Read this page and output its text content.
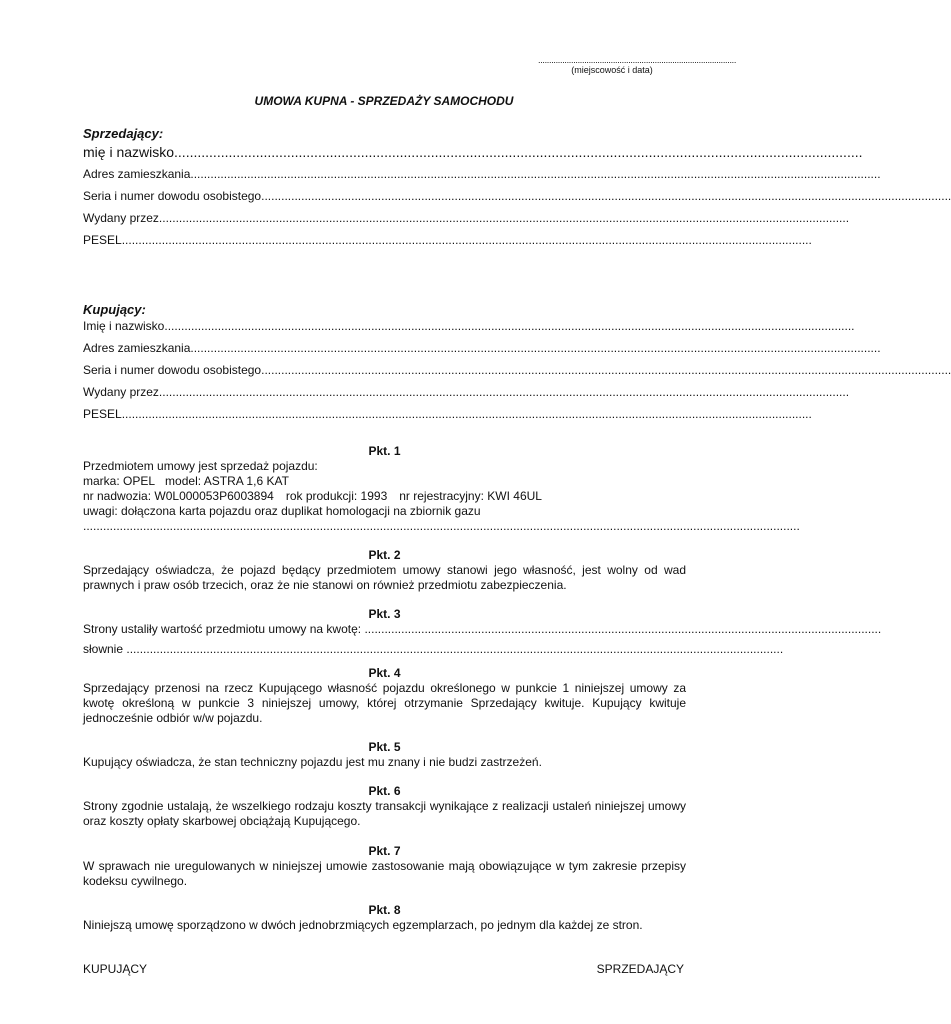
..........................................................................................
(miejscowość i data)
UMOWA KUPNA - SPRZEDAŻY SAMOCHODU
Sprzedający:
mię i nazwisko .................................................................................................................................................................................
Adres zamieszkania ...............................................................................................................................................................................................................
Seria i numer dowodu osobistego ...............................................................................................................................................................................................................
Wydany przez ...............................................................................................................................................................................................................
PESEL ...............................................................................................................................................................................................................
Kupujący:
Imię i nazwisko ...............................................................................................................................................................................................................
Adres zamieszkania ...............................................................................................................................................................................................................
Seria i numer dowodu osobistego ...............................................................................................................................................................................................................
Wydany przez ...............................................................................................................................................................................................................
PESEL ...............................................................................................................................................................................................................
Pkt. 1
Przedmiotem umowy jest sprzedaż pojazdu:
marka: OPEL model: ASTRA 1,6 KAT
nr nadwozia: W0L000053P6003894 rok produkcji: 1993 nr rejestracyjny: KWI 46UL
uwagi: dołączona karta pojazdu oraz duplikat homologacji na zbiornik gazu
.......................................................................................................................................................................................................................
Pkt. 2

Sprzedający oświadcza, że pojazd będący przedmiotem umowy stanowi jego własność, jest wolny od wad prawnych i praw osób trzecich, oraz że nie stanowi on również przedmiotu zabezpieczenia.

Pkt. 3
Strony ustaliły wartość przedmiotu umowy na kwotę: ...........................................................................................................................................................
słownie .....................................................................................................................................................................................................
Pkt. 4

Sprzedający przenosi na rzecz Kupującego własność pojazdu określonego w punkcie 1 niniejszej umowy za kwotę określoną w punkcie 3 niniejszej umowy, której otrzymanie Sprzedający kwituje. Kupujący kwituje jednocześnie odbiór w/w pojazdu.

Pkt. 5

Kupujący oświadcza, że stan techniczny pojazdu jest mu znany i nie budzi zastrzeżeń.

Pkt. 6

Strony zgodnie ustalają, że wszelkiego rodzaju koszty transakcji wynikające z realizacji ustaleń niniejszej umowy oraz koszty opłaty skarbowej obciążają Kupującego.

Pkt. 7

W sprawach nie uregulowanych w niniejszej umowie zastosowanie mają obowiązujące w tym zakresie przepisy kodeksu cywilnego.

Pkt. 8

Niniejszą umowę sporządzono w dwóch jednobrzmiących egzemplarzach, po jednym dla każdej ze stron.

KUPUJĄCY	SPRZEDAJĄCY
